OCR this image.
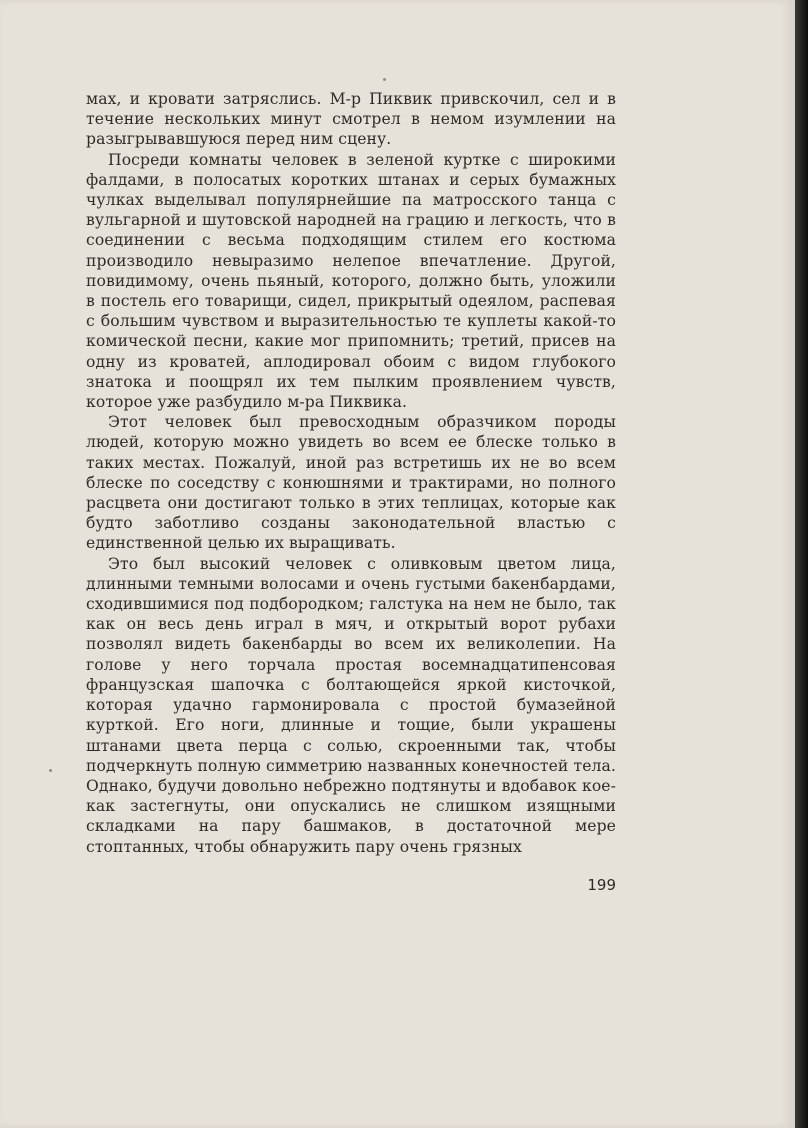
мах, и кровати затряслись. М-р Пиквик привскочил, сел и в течение нескольких минут смотрел в немом изумлении на разыгрывавшуюся перед ним сцену.

Посреди комнаты человек в зеленой куртке с широкими фалдами, в полосатых коротких штанах и серых бумажных чулках выделывал популярнейшие па матросского танца с вульгарной и шутовской народней на грацию и легкость, что в соединении с весьма подходящим стилем его костюма производило невыразимо нелепое впечатление. Другой, повидимому, очень пьяный, которого, должно быть, уложили в постель его товарищи, сидел, прикрытый одеялом, распевая с большим чувством и выразительностью те куплеты какой-то комической песни, какие мог припомнить; третий, присев на одну из кроватей, аплодировал обоим с видом глубокого знатока и поощрял их тем пылким проявлением чувств, которое уже разбудило м-ра Пиквика.

Этот человек был превосходным образчиком породы людей, которую можно увидеть во всем ее блеске только в таких местах. Пожалуй, иной раз встретишь их не во всем блеске по соседству с конюшнями и трактирами, но полного расцвета они достигают только в этих теплицах, которые как будто заботливо созданы законодательной властью с единственной целью их выращивать.

Это был высокий человек с оливковым цветом лица, длинными темными волосами и очень густыми бакенбардами, сходившимися под подбородком; галстука на нем не было, так как он весь день играл в мяч, и открытый ворот рубахи позволял видеть бакенбарды во всем их великолепии. На голове у него торчала простая восемнадцатипенсовая французская шапочка с болтающейся яркой кисточкой, которая удачно гармонировала с простой бумазейной курткой. Его ноги, длинные и тощие, были украшены штанами цвета перца с солью, скроенными так, чтобы подчеркнуть полную симметрию названных конечностей тела. Однако, будучи довольно небрежно подтянуты и вдобавок кое-как застегнуты, они опускались не слишком изящными складками на пару башмаков, в достаточной мере стоптанных, чтобы обнаружить пару очень грязных

199
